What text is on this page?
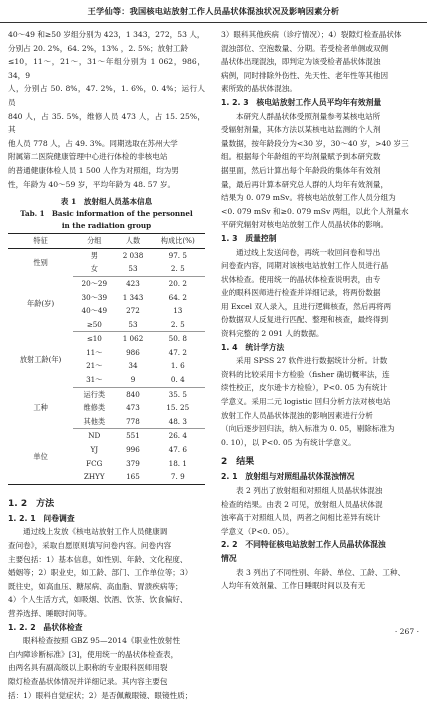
王学仙等：我国核电站放射工作人员晶状体混浊状况及影响因素分析

40～49 和≥50 岁组分别为 423，1 343，272，53 人，

分别占 20. 2%，64. 2%，13% ，2. 5%；放射工龄

≤10，11～，21～，31～年组分别为 1 062，986，34，9

人，分别占 50. 8%，47. 2%，1. 6%，0. 4%；运行人员

840 人，占 35. 5%，维修人员 473 人，占 15. 25%，其

他人员 778 人，占 49. 3%。同期选取在苏州大学

附属第二医院健康管理中心进行体检的非核电站

的普通健康体检人员 1 500 人作为对照组，均为男

性，年龄为 40～59 岁，平均年龄为 48. 57 岁。

表 1　放射组人员基本信息
Tab. 1　Basic information of the personnel
in the radiation group
特征	分组	人数	构成比(%)
性别	男	2 038	97. 5
	女	53	2. 5
年龄(岁)	20～29	423	20. 2
	30～39	1 343	64. 2
	40～49	272	13
	≥50	53	2. 5
放射工龄(年)	≤10	1 062	50. 8
	11～	986	47. 2
	21～	34	1. 6
	31～	9	0. 4
工种	运行类	840	35. 5
	维修类	473	15. 25
	其他类	778	48. 3
单位	ND	551	26. 4
	YJ	996	47. 6
	FCG	379	18. 1
	ZHYY	165	7. 9
1. 2　方法
1. 2. 1　问卷调查

通过线上发放《核电站放射工作人员健康调

查问卷》，采取自愿原则填写问卷内容。问卷内容

主要包括：1）基本信息，如性别、年龄、文化程度、

婚姻等；2）职业史，如工龄、部门、工作单位等；3）

既往史，如高血压、糖尿病、高血脂、胃溃疾病等；

4）个人生活方式，如吸烟、饮酒、饮茶、饮食偏好、

营养选择、睡眠时间等。

1. 2. 2　晶状体检查

眼科检查按照 GBZ 95—2014《职业性放射性

白内障诊断标准》[3]，使用统一的晶状体检查表，

由两名具有副高级以上职称的专业眼科医师用裂

隙灯检查晶状体情况并详细记录。其内容主要包

括：1）眼科自觉症状；2）是否佩戴眼镜、眼镜性质；

3）眼科其他疾病（诊疗情况）；4）裂隙灯检查晶状体

混浊部位、空泡数量、分期。若受检者单侧或双侧

晶状体出现混浊，即判定为该受检者晶状体混浊

病例，同时排除外伤性、先天性、老年性等其他因

素所致的晶状体混浊。

1. 2. 3　核电站放射工作人员平均年有效剂量

本研究人群晶状体受照剂量参考某核电站所

受辐射剂量，其体方法以某核电站监测的个人剂

量数据，按年龄段分为<30 岁，30～40 岁，>40 岁三

组。根据每个年龄组的平均剂量赋予到本研究数

据里面，然后计算出每个年龄段的集体年有效剂

量，最后再计算本研究总人群的人均年有效剂量，

结果为 0. 079 mSv。将核电站放射工作人员分组为

<0. 079 mSv 和≥0. 079 mSv 两组，以此个人剂量水

平研究辐射对核电站放射工作人员晶状体的影响。

1. 3　质量控制

通过线上发送问卷，再统一收回问卷和导出

问卷查内容，同期对该核电站放射工作人员进行晶

状体检查。使用统一的晶状体检查说明表，由专

业的眼科医师进行检查并详细记录，将两份数据

用 Excel 双人录入，且进行逻辑核查，然后再将两

份数据双人反复进行匹配、整理和核查，最终得到

资料完整的 2 091 人的数据。

1. 4　统计学方法

采用 SPSS 27 软件进行数据统计分析。计数

资料的比较采用卡方检验（fisher 确切概率法，连

续性校正，皮尔逊卡方检验），P<0. 05 为有统计

学意义。采用二元 logistic 回归分析方法对核电站

放射工作人员晶状体混浊的影响因素进行分析

（向后逐步回归法，纳入标准为 0. 05，剔除标准为

0. 10），以 P<0. 05 为有统计学意义。

2　结果
2. 1　放射组与对照组晶状体混浊情况

表 2 列出了放射组和对照组人员晶状体混浊

检查的结果。由表 2 可见，放射组人员晶状体混

浊率高于对照组人员，两者之间相比差异有统计

学意义（P<0. 05）。

2. 2　不同特征核电站放射工作人员晶状体混浊
情况

表 3 列出了不同性别、年龄、单位、工龄、工种、

人均年有效剂量、工作日睡眠时间以及有无

· 267 ·
